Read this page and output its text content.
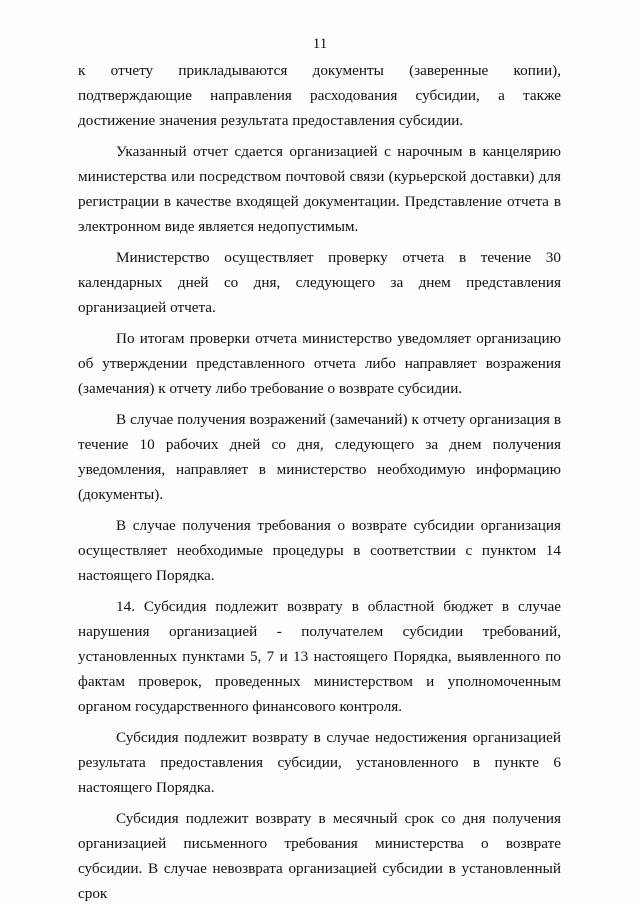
11

к отчету прикладываются документы (заверенные копии), подтверждающие направления расходования субсидии, а также достижение значения результата предоставления субсидии.

Указанный отчет сдается организацией с нарочным в канцелярию министерства или посредством почтовой связи (курьерской доставки) для регистрации в качестве входящей документации. Представление отчета в электронном виде является недопустимым.

Министерство осуществляет проверку отчета в течение 30 календарных дней со дня, следующего за днем представления организацией отчета.

По итогам проверки отчета министерство уведомляет организацию об утверждении представленного отчета либо направляет возражения (замечания) к отчету либо требование о возврате субсидии.

В случае получения возражений (замечаний) к отчету организация в течение 10 рабочих дней со дня, следующего за днем получения уведомления, направляет в министерство необходимую информацию (документы).

В случае получения требования о возврате субсидии организация осуществляет необходимые процедуры в соответствии с пунктом 14 настоящего Порядка.

14. Субсидия подлежит возврату в областной бюджет в случае нарушения организацией - получателем субсидии требований, установленных пунктами 5, 7 и 13 настоящего Порядка, выявленного по фактам проверок, проведенных министерством и уполномоченным органом государственного финансового контроля.

Субсидия подлежит возврату в случае недостижения организацией результата предоставления субсидии, установленного в пункте 6 настоящего Порядка.

Субсидия подлежит возврату в месячный срок со дня получения организацией письменного требования министерства о возврате субсидии. В случае невозврата организацией субсидии в установленный срок
